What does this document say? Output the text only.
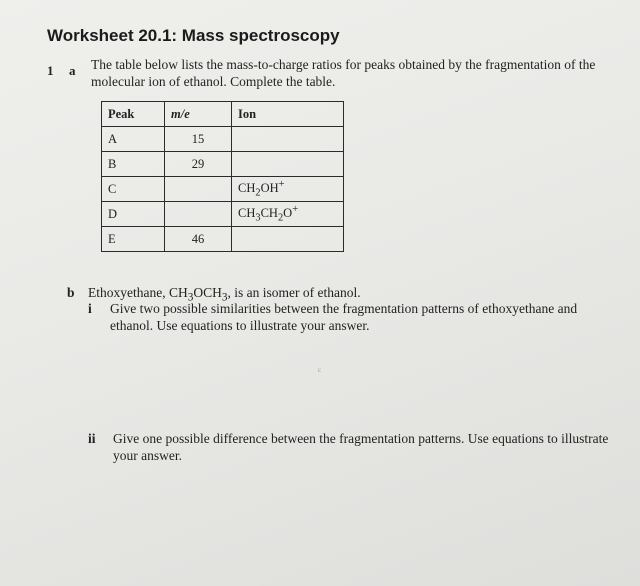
Worksheet 20.1: Mass spectroscopy
1 a The table below lists the mass-to-charge ratios for peaks obtained by the fragmentation of the molecular ion of ethanol. Complete the table.
Peak	m/e	Ion
A	15	
B	29	
C		$CH_2OH^+$
D		$CH_3CH_2O^+$
E	46	
b Ethoxyethane, $CH_3OCH_3$, is an isomer of ethanol.
i Give two possible similarities between the fragmentation patterns of ethoxyethane and ethanol. Use equations to illustrate your answer.
c
ii Give one possible difference between the fragmentation patterns. Use equations to illustrate your answer.
